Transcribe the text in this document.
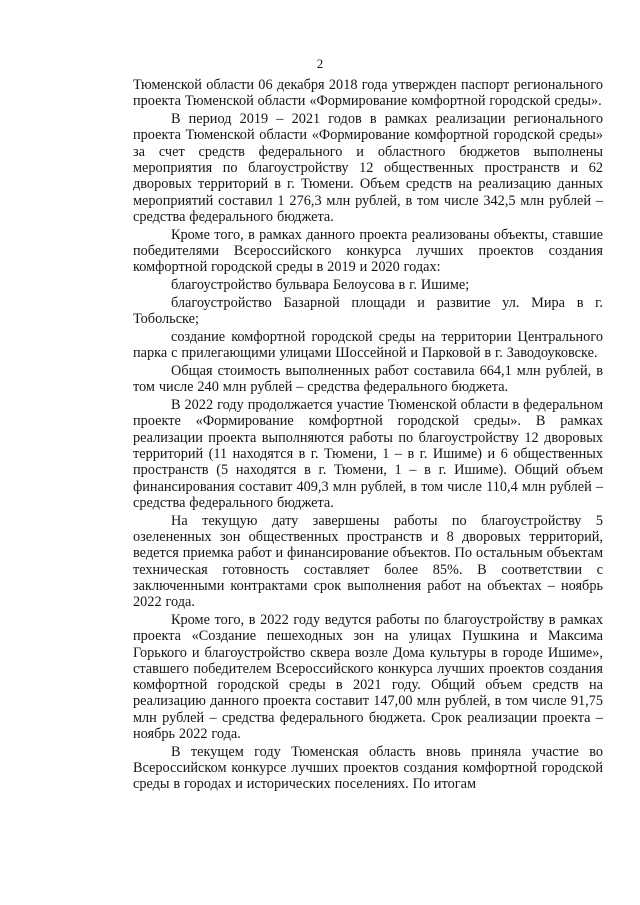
2

Тюменской области 06 декабря 2018 года утвержден паспорт регионального проекта Тюменской области «Формирование комфортной городской среды».

В период 2019 – 2021 годов в рамках реализации регионального проекта Тюменской области «Формирование комфортной городской среды» за счет средств федерального и областного бюджетов выполнены мероприятия по благоустройству 12 общественных пространств и 62 дворовых территорий в г. Тюмени. Объем средств на реализацию данных мероприятий составил 1 276,3 млн рублей, в том числе 342,5 млн рублей – средства федерального бюджета.

Кроме того, в рамках данного проекта реализованы объекты, ставшие победителями Всероссийского конкурса лучших проектов создания комфортной городской среды в 2019 и 2020 годах:

благоустройство бульвара Белоусова в г. Ишиме;

благоустройство Базарной площади и развитие ул. Мира в г. Тобольске;

создание комфортной городской среды на территории Центрального парка с прилегающими улицами Шоссейной и Парковой в г. Заводоуковске.

Общая стоимость выполненных работ составила 664,1 млн рублей, в том числе 240 млн рублей – средства федерального бюджета.

В 2022 году продолжается участие Тюменской области в федеральном проекте «Формирование комфортной городской среды». В рамках реализации проекта выполняются работы по благоустройству 12 дворовых территорий (11 находятся в г. Тюмени, 1 – в г. Ишиме) и 6 общественных пространств (5 находятся в г. Тюмени, 1 – в г. Ишиме). Общий объем финансирования составит 409,3 млн рублей, в том числе 110,4 млн рублей – средства федерального бюджета.

На текущую дату завершены работы по благоустройству 5 озелененных зон общественных пространств и 8 дворовых территорий, ведется приемка работ и финансирование объектов. По остальным объектам техническая готовность составляет более 85%. В соответствии с заключенными контрактами срок выполнения работ на объектах – ноябрь 2022 года.

Кроме того, в 2022 году ведутся работы по благоустройству в рамках проекта «Создание пешеходных зон на улицах Пушкина и Максима Горького и благоустройство сквера возле Дома культуры в городе Ишиме», ставшего победителем Всероссийского конкурса лучших проектов создания комфортной городской среды в 2021 году. Общий объем средств на реализацию данного проекта составит 147,00 млн рублей, в том числе 91,75 млн рублей – средства федерального бюджета. Срок реализации проекта – ноябрь 2022 года.

В текущем году Тюменская область вновь приняла участие во Всероссийском конкурсе лучших проектов создания комфортной городской среды в городах и исторических поселениях. По итогам
